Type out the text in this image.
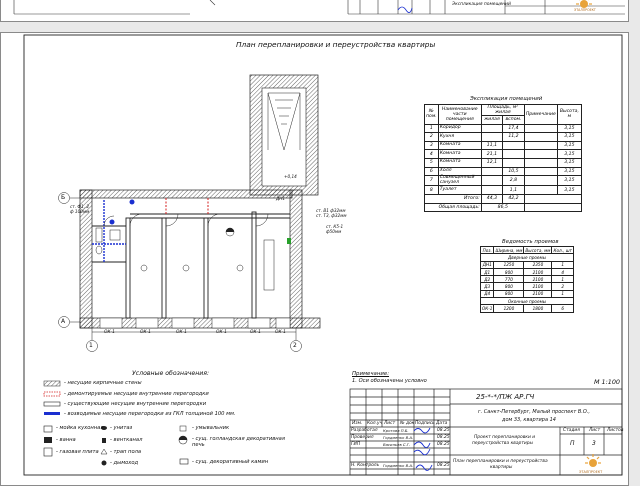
Экспликация помещений
ЭТАЛПРОЕКТ
План перепланировки и переустройства квартиры
Б
А
1	2
ОК-1	ОК-1	ОК-1	ОК-1	ОК-1	ОК-1
ст. Ф1, 2
ф 100мм	ст. В1 ф32мм
ст. Т3, ф32мм
ст. К5-1
ф50мм
ДН1
+0,14
Экспликация помещений
№ пом.	Наименование части помещения	Площадь, м² жилая		Примечание	Высота, м
		жилая	вспом.		
1	Коридор		17,4		3,15
2	Кухня		11,2		3,15
3	Комната	11,1			3,15
4	Комната	21,1			3,15
5	Комната	12,1			3,15
6	Холл		10,5		3,15
7	Совмещенный санузел		2,8		3,15
8	Туалет		1,1		3,15
Итого:		44,3	42,2		
Общая площадь:		86,5			
Ведомость проемов
Поз.	Ширина, мм	Высота, мм	Кол., шт
Дверные проемы			
ДН1	1250	2350	1
Д1	800	2100	4
Д2	770	2100	1
Д3	800	2100	2
Д4	800	2100	1
Оконные проемы			
ОК-1	1200	1800	6
Условные обозначения:
- несущие кирпичные стены
- демонтируемые несущие внутренние перегородки
- существующие несущие внутренние перегородки
- возводимые несущие перегородки из ГКЛ толщиной 100 мм.
- мойка кухонная
- ванна
- газовая плита
- унитаз
- вентканал
- трап пола
- дымоход
- умывальник
- сущ. голландская декоративная печь
- сущ. декоративный камин
Примечание:
1. Оси обозначены условно	М 1:100
Изм. Кол.уч Лист № док Подпись Дата
Разработал Кротова П.Б.	08.25
Проверил Гордиенко В.А.	08.25
ГИП	Васильев С.Г.	08.25
Н. Контроль Гордиенко В.А.	08.25
25-*-*/ПЖ АР.ГЧ
г. Санкт-Петербург, Малый проспект В.О.,
дом 33, квартира 14
Проект перепланировки и
переустройства квартиры
План перепланировки и переустройства
квартиры
Стадия Лист Листов
П	3
ЭТАЛПРОЕКТ
